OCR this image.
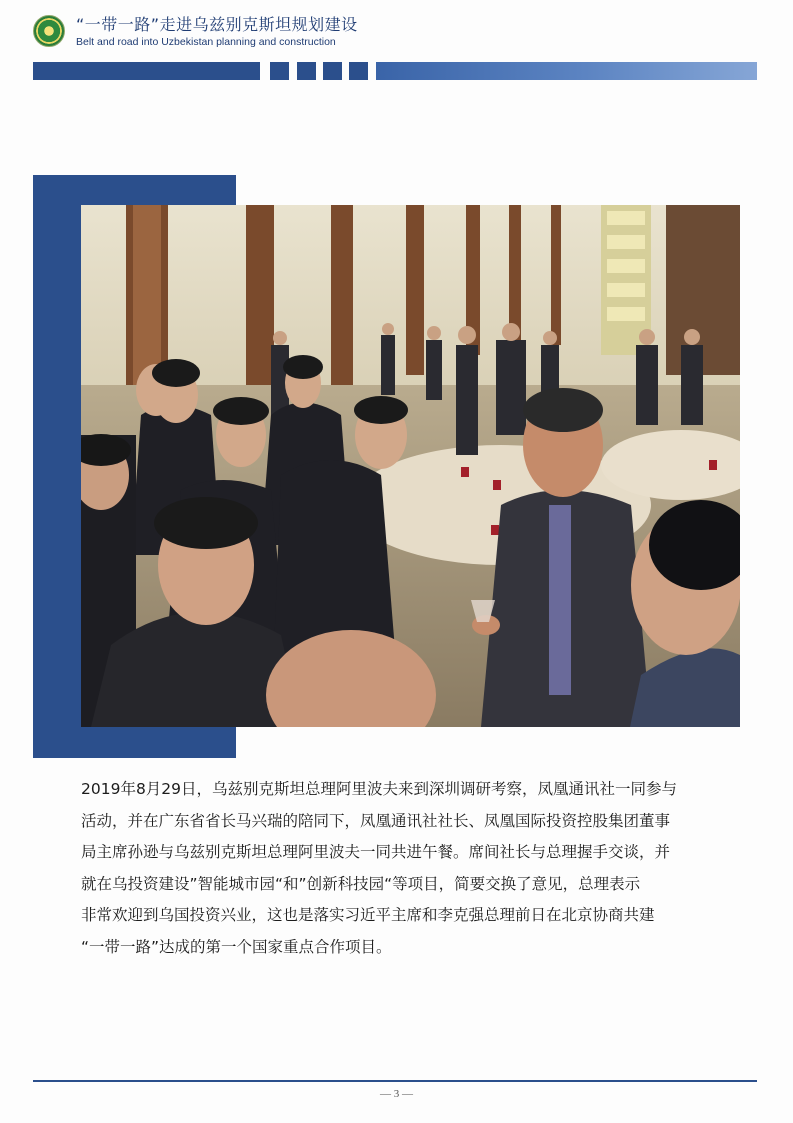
“一带一路”走进乌兹别克斯坦规划建设
Belt and road into Uzbekistan planning and construction
2019年8月29日，乌兹别克斯坦总理阿里波夫来到深圳调研考察，凤凰通讯社一同参与
活动，并在广东省省长马兴瑞的陪同下，凤凰通讯社社长、凤凰国际投资控股集团董事
局主席孙逊与乌兹别克斯坦总理阿里波夫一同共进午餐。席间社长与总理握手交谈，并
就在乌投资建设”智能城市园“和”创新科技园“等项目，简要交换了意见，总理表示
非常欢迎到乌国投资兴业，这也是落实习近平主席和李克强总理前日在北京协商共建
“一带一路”达成的第一个国家重点合作项目。
— 3 —
